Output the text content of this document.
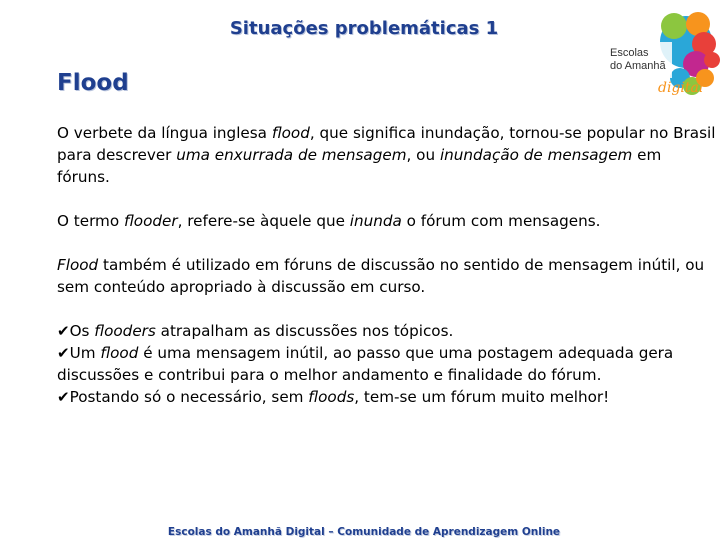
Situações problemáticas 1
Flood
Escolas
do Amanhã
digital

O verbete da língua inglesa flood, que significa inundação, tornou-se popular no Brasil para descrever uma enxurrada de mensagem, ou inundação de mensagem em fóruns.

O termo flooder, refere-se àquele que inunda o fórum com mensagens.

Flood também é utilizado em fóruns de discussão no sentido de mensagem inútil, ou sem conteúdo apropriado à discussão em curso.

✔Os flooders atrapalham as discussões nos tópicos.

✔Um flood é uma mensagem inútil, ao passo que uma postagem adequada gera discussões e contribui para o melhor andamento e finalidade do fórum.

✔Postando só o necessário, sem floods, tem-se um fórum muito melhor!

Escolas do Amanhã Digital – Comunidade de Aprendizagem Online
